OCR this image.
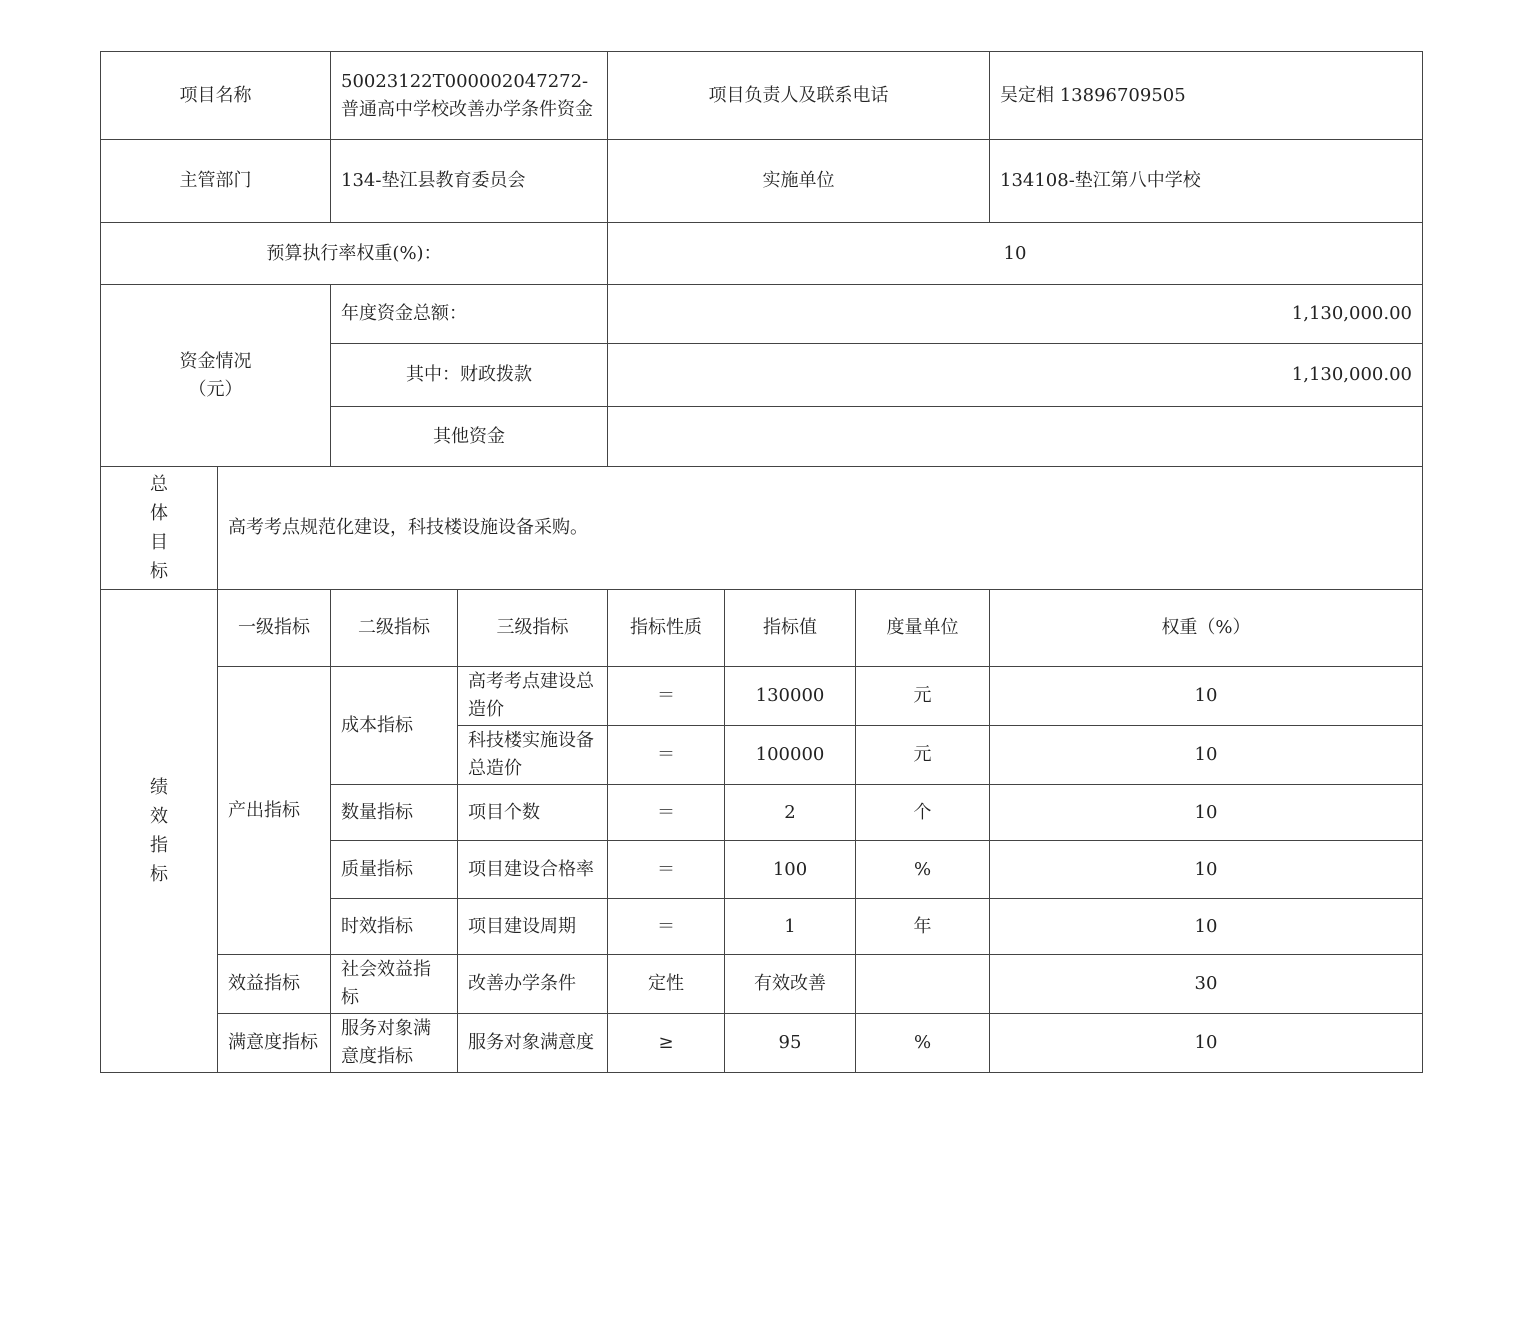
项目名称		50023122T000002047272-普通高中学校改善办学条件资金		项目负责人及联系电话			吴定相 13896709505
主管部门		134-垫江县教育委员会		实施单位			134108-垫江第八中学校
预算执行率权重(%)：				10			
资金情况（元）		年度资金总额：		1,130,000.00			
		其中：财政拨款		1,130,000.00			
		其他资金					
总体目标	高考考点规范化建设，科技楼设施设备采购。						
绩效指标	一级指标	二级指标	三级指标	指标性质	指标值	度量单位	权重（%）
	产出指标	成本指标	高考考点建设总造价	＝	130000	元	10
			科技楼实施设备总造价	＝	100000	元	10
		数量指标	项目个数	＝	2	个	10
		质量指标	项目建设合格率	＝	100	%	10
		时效指标	项目建设周期	＝	1	年	10
	效益指标	社会效益指标	改善办学条件	定性	有效改善		30
	满意度指标	服务对象满意度指标	服务对象满意度	≥	95	%	10
